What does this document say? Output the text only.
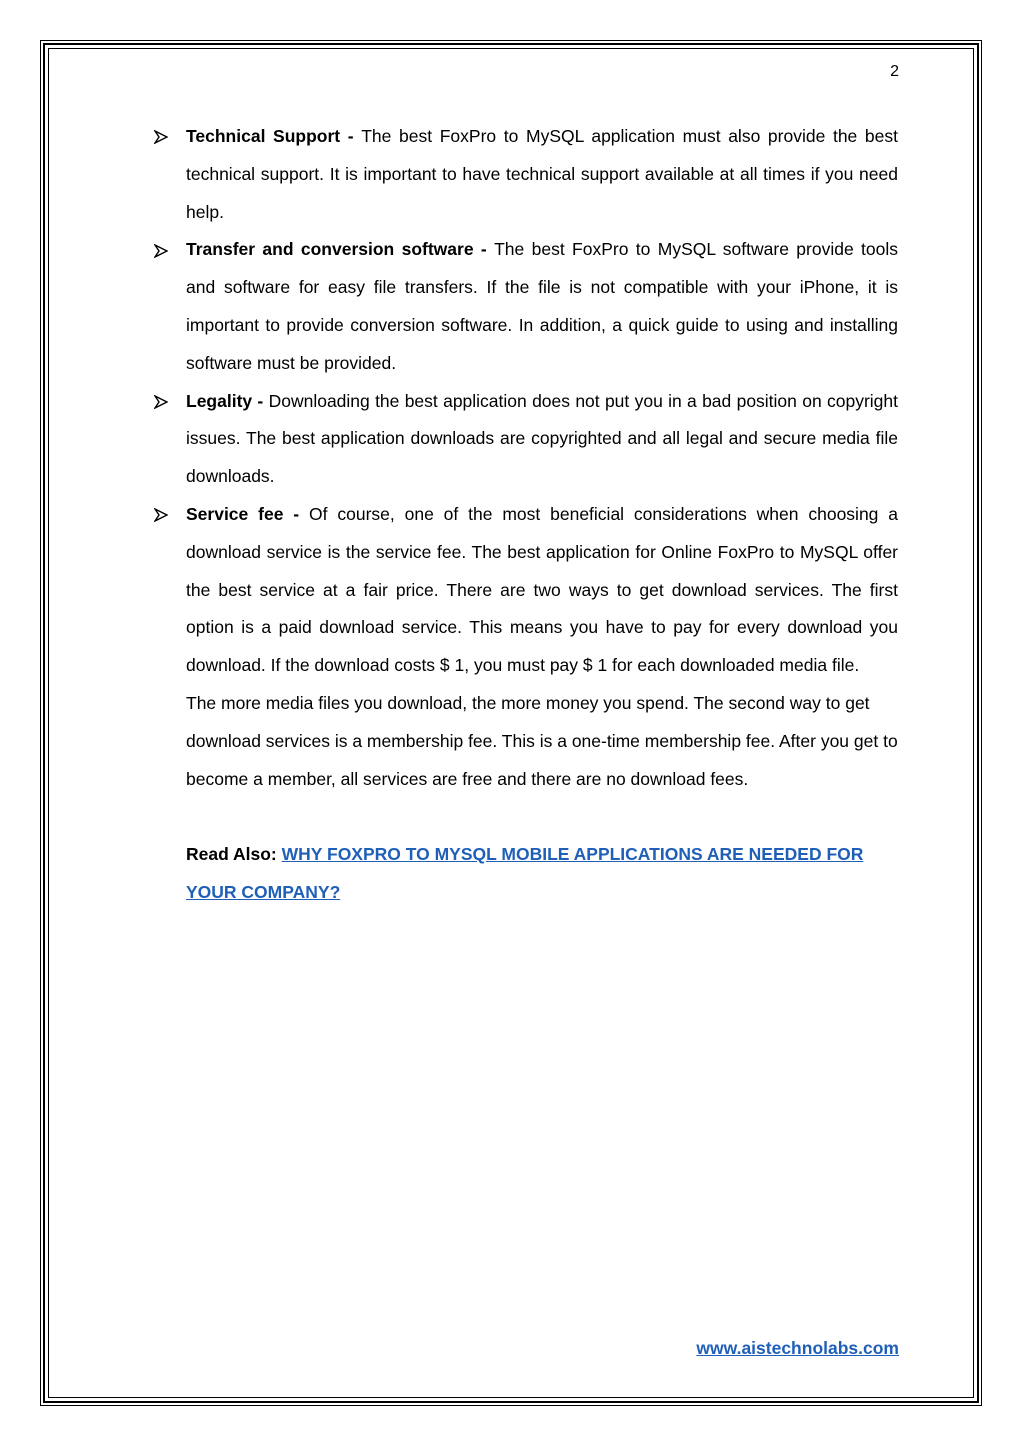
2
Technical Support - The best FoxPro to MySQL application must also provide the best technical support. It is important to have technical support available at all times if you need help.
Transfer and conversion software - The best FoxPro to MySQL software provide tools and software for easy file transfers. If the file is not compatible with your iPhone, it is important to provide conversion software. In addition, a quick guide to using and installing software must be provided.
Legality - Downloading the best application does not put you in a bad position on copyright issues. The best application downloads are copyrighted and all legal and secure media file downloads.
Service fee - Of course, one of the most beneficial considerations when choosing a download service is the service fee. The best application for Online FoxPro to MySQL offer the best service at a fair price. There are two ways to get download services. The first option is a paid download service. This means you have to pay for every download you download. If the download costs $ 1, you must pay $ 1 for each downloaded media file.
The more media files you download, the more money you spend. The second way to get download services is a membership fee. This is a one-time membership fee. After you get to become a member, all services are free and there are no download fees.
Read Also: WHY FOXPRO TO MYSQL MOBILE APPLICATIONS ARE NEEDED FOR YOUR COMPANY?
www.aistechnolabs.com
